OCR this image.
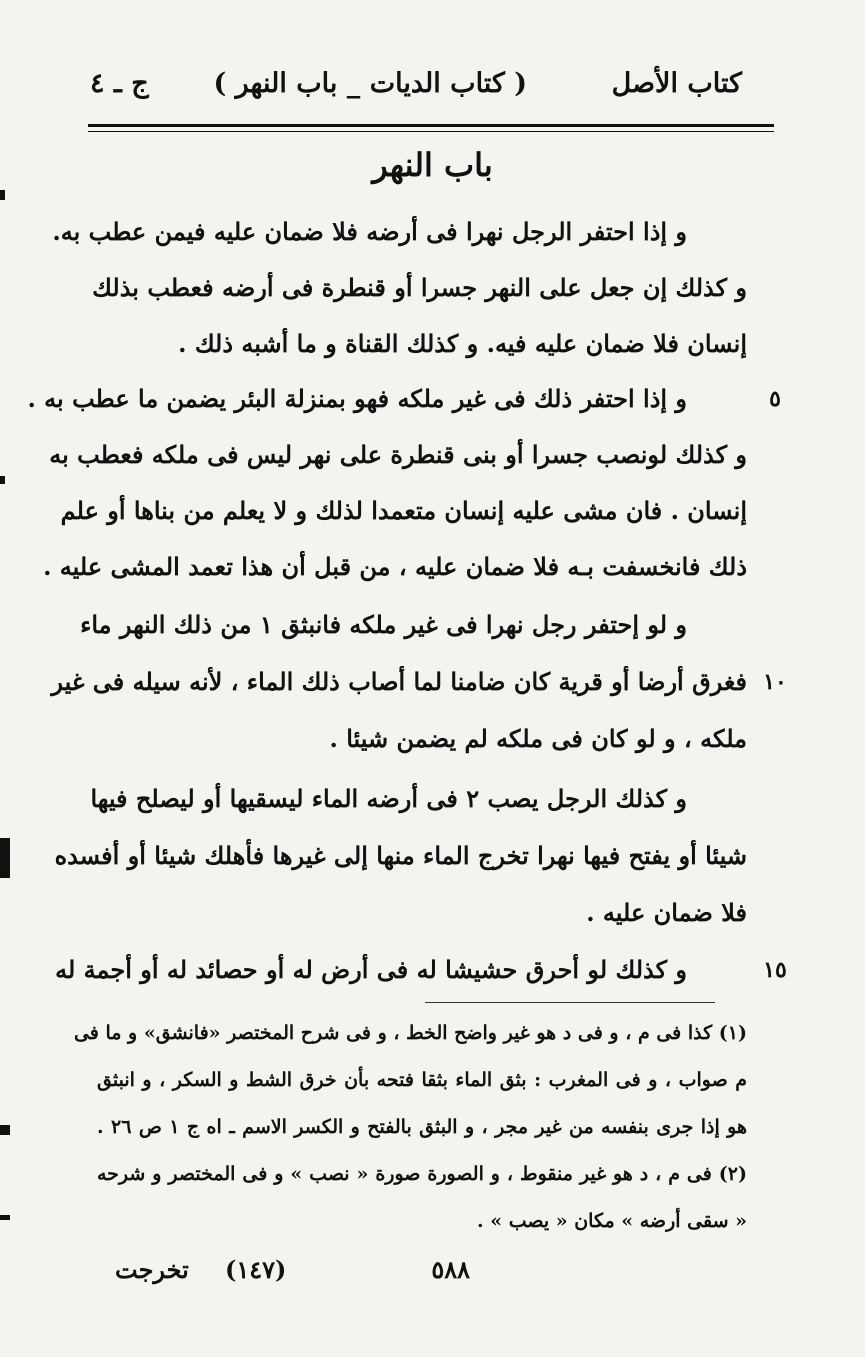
كتاب الأصل
( كتاب الديات _ باب النهر )
ج ـ ٤
باب النهر
و إذا احتفر الرجل نهرا فى أرضه فلا ضمان عليه فيمن عطب به.
و كذلك إن جعل على النهر جسرا أو قنطرة فى أرضه فعطب بذلك
إنسان فلا ضمان عليه فيه. و كذلك القناة و ما أشبه ذلك .
و إذا احتفر ذلك فى غير ملكه فهو بمنزلة البئر يضمن ما عطب به .
و كذلك لونصب جسرا أو بنى قنطرة على نهر ليس فى ملكه فعطب به
إنسان . فان مشى عليه إنسان متعمدا لذلك و لا يعلم من بناها أو علم
ذلك فانخسفت بـه فلا ضمان عليه ، من قبل أن هذا تعمد المشى عليه .
و لو إحتفر رجل نهرا فى غير ملكه فانبثق ١ من ذلك النهر ماء
فغرق أرضا أو قرية كان ضامنا لما أصاب ذلك الماء ، لأنه سيله فى غير
ملكه ، و لو كان فى ملكه لم يضمن شيئا .
و كذلك الرجل يصب ٢ فى أرضه الماء ليسقيها أو ليصلح فيها
شيئا أو يفتح فيها نهرا تخرج الماء منها إلى غيرها فأهلك شيئا أو أفسده
فلا ضمان عليه .
و كذلك لو أحرق حشيشا له فى أرض له أو حصائد له أو أجمة له
٥
١٠
١٥
(١) كذا فى م ، و فى د هو غير واضح الخط ، و فى شرح المختصر «فانشق» و ما فى
م صواب ، و فى المغرب : بثق الماء بثقا فتحه بأن خرق الشط و السكر ، و انبثق
هو إذا جرى بنفسه من غير مجر ، و البثق بالفتح و الكسر الاسم ـ اه ج ١ ص ٢٦ .
(٢) فى م ، د هو غير منقوط ، و الصورة صورة « نصب » و فى المختصر و شرحه
« سقى أرضه » مكان « يصب » .
٥٨٨
(١٤٧)
تخرجت
